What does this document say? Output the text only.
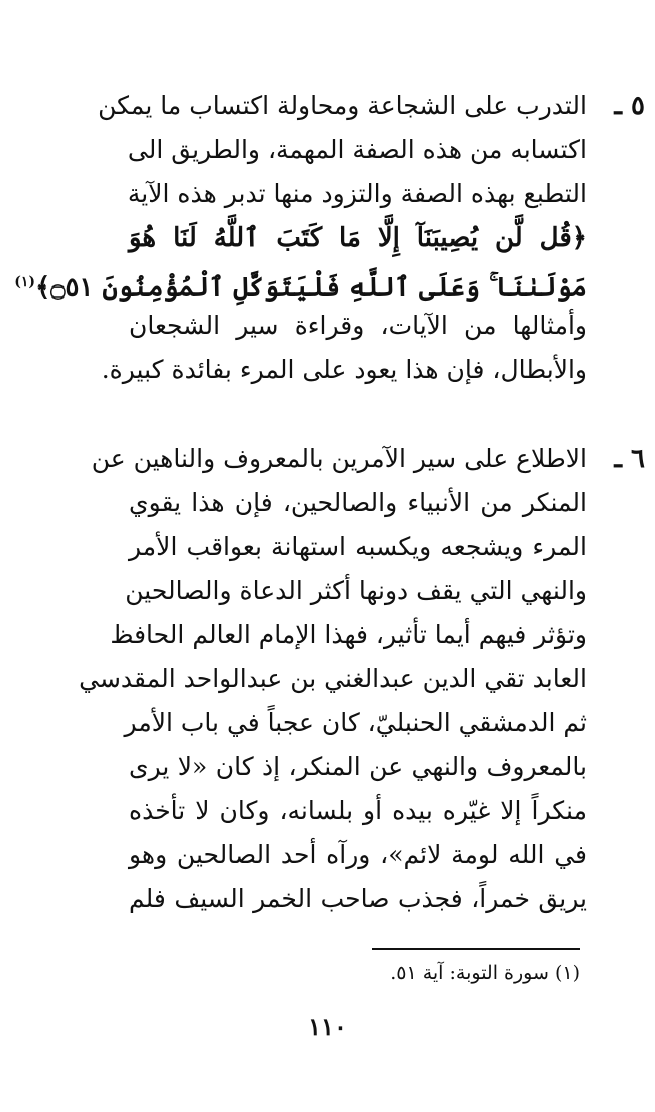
٥ ـ
التدرب على الشجاعة ومحاولة اكتساب ما يمكن
اكتسابه من هذه الصفة المهمة، والطريق الى
التطبع بهذه الصفة والتزود منها تدبر هذه الآية
﴿قُل لَّن يُصِيبَنَآ إِلَّا مَا كَتَبَ ٱللَّهُ لَنَا هُوَ
مَوْلَىٰنَا ۚ وَعَلَى ٱللَّهِ فَلْيَتَوَكَّلِ ٱلْمُؤْمِنُونَ ۝٥١﴾$^{(١)}$
وأمثالها من الآيات، وقراءة سير الشجعان
والأبطال، فإن هذا يعود على المرء بفائدة كبيرة.
٦ ـ
الاطلاع على سير الآمرين بالمعروف والناهين عن
المنكر من الأنبياء والصالحين، فإن هذا يقوي
المرء ويشجعه ويكسبه استهانة بعواقب الأمر
والنهي التي يقف دونها أكثر الدعاة والصالحين
وتؤثر فيهم أيما تأثير، فهذا الإمام العالم الحافظ
العابد تقي الدين عبدالغني بن عبدالواحد المقدسي
ثم الدمشقي الحنبليّ، كان عجباً في باب الأمر
بالمعروف والنهي عن المنكر، إذ كان «لا يرى
منكراً إلا غيّره بيده أو بلسانه، وكان لا تأخذه
في الله لومة لائم»، ورآه أحد الصالحين وهو
يريق خمراً، فجذب صاحب الخمر السيف فلم
(١) سورة التوبة: آية ٥١.
١١٠
